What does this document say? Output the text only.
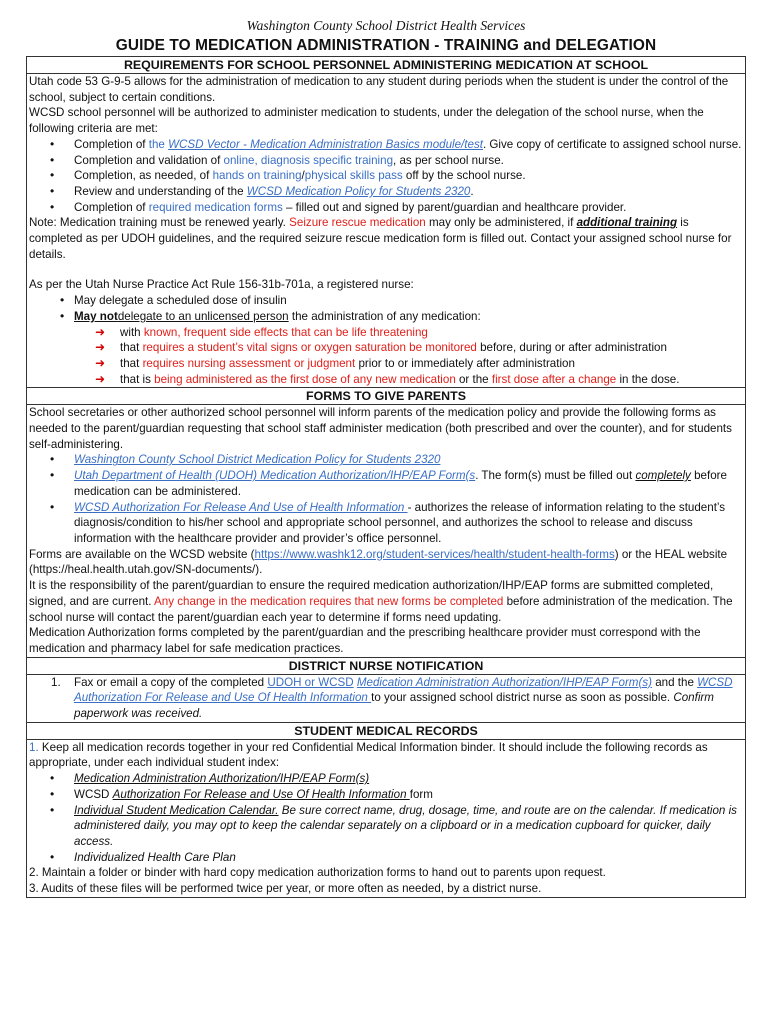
Washington County School District Health Services
GUIDE TO MEDICATION ADMINISTRATION - TRAINING and DELEGATION
REQUIREMENTS FOR SCHOOL PERSONNEL ADMINISTERING MEDICATION AT SCHOOL

Utah code 53 G-9-5 allows for the administration of medication to any student during periods when the student is under the control of the school, subject to certain conditions.

WCSD school personnel will be authorized to administer medication to students, under the delegation of the school nurse, when the following criteria are met:

• Completion of the WCSD Vector - Medication Administration Basics module/test. Give copy of certificate to assigned school nurse.
• Completion and validation of online, diagnosis specific training, as per school nurse.
• Completion, as needed, of hands on training/physical skills pass off by the school nurse.
• Review and understanding of the WCSD Medication Policy for Students 2320.
• Completion of required medication forms – filled out and signed by parent/guardian and healthcare provider.

Note: Medication training must be renewed yearly. Seizure rescue medication may only be administered, if additional training is completed as per UDOH guidelines, and the required seizure rescue medication form is filled out. Contact your assigned school nurse for details.

As per the Utah Nurse Practice Act Rule 156-31b-701a, a registered nurse:

• May delegate a scheduled dose of insulin
• May notdelegate to an unlicensed person the administration of any medication:
➜ with known, frequent side effects that can be life threatening
➜ that requires a student’s vital signs or oxygen saturation be monitored before, during or after administration
➜ that requires nursing assessment or judgment prior to or immediately after administration
➜ that is being administered as the first dose of any new medication or the first dose after a change in the dose.
FORMS TO GIVE PARENTS

School secretaries or other authorized school personnel will inform parents of the medication policy and provide the following forms as needed to the parent/guardian requesting that school staff administer medication (both prescribed and over the counter), and for students self-administering.

• Washington County School District Medication Policy for Students 2320
• Utah Department of Health (UDOH) Medication Authorization/IHP/EAP Form(s. The form(s) must be filled out completely before medication can be administered.
• WCSD Authorization For Release And Use of Health Information - authorizes the release of information relating to the student’s diagnosis/condition to his/her school and appropriate school personnel, and authorizes the school to release and discuss information with the healthcare provider and provider’s office personnel.

Forms are available on the WCSD website (https://www.washk12.org/student-services/health/student-health-forms) or the HEAL website (https://heal.health.utah.gov/SN-documents/).

It is the responsibility of the parent/guardian to ensure the required medication authorization/IHP/EAP forms are submitted completed, signed, and are current. Any change in the medication requires that new forms be completed before administration of the medication. The school nurse will contact the parent/guardian each year to determine if forms need updating.

Medication Authorization forms completed by the parent/guardian and the prescribing healthcare provider must correspond with the medication and pharmacy label for safe medication practices.

DISTRICT NURSE NOTIFICATION
1. Fax or email a copy of the completed UDOH or WCSD Medication Administration Authorization/IHP/EAP Form(s) and the WCSD Authorization For Release and Use Of Health Information to your assigned school district nurse as soon as possible. Confirm paperwork was received.
STUDENT MEDICAL RECORDS

1. Keep all medication records together in your red Confidential Medical Information binder. It should include the following records as appropriate, under each individual student index:

• Medication Administration Authorization/IHP/EAP Form(s)
• WCSD Authorization For Release and Use Of Health Information form
• Individual Student Medication Calendar. Be sure correct name, drug, dosage, time, and route are on the calendar. If medication is administered daily, you may opt to keep the calendar separately on a clipboard or in a medication cupboard for quicker, daily access.
• Individualized Health Care Plan

2. Maintain a folder or binder with hard copy medication authorization forms to hand out to parents upon request.

3. Audits of these files will be performed twice per year, or more often as needed, by a district nurse.
